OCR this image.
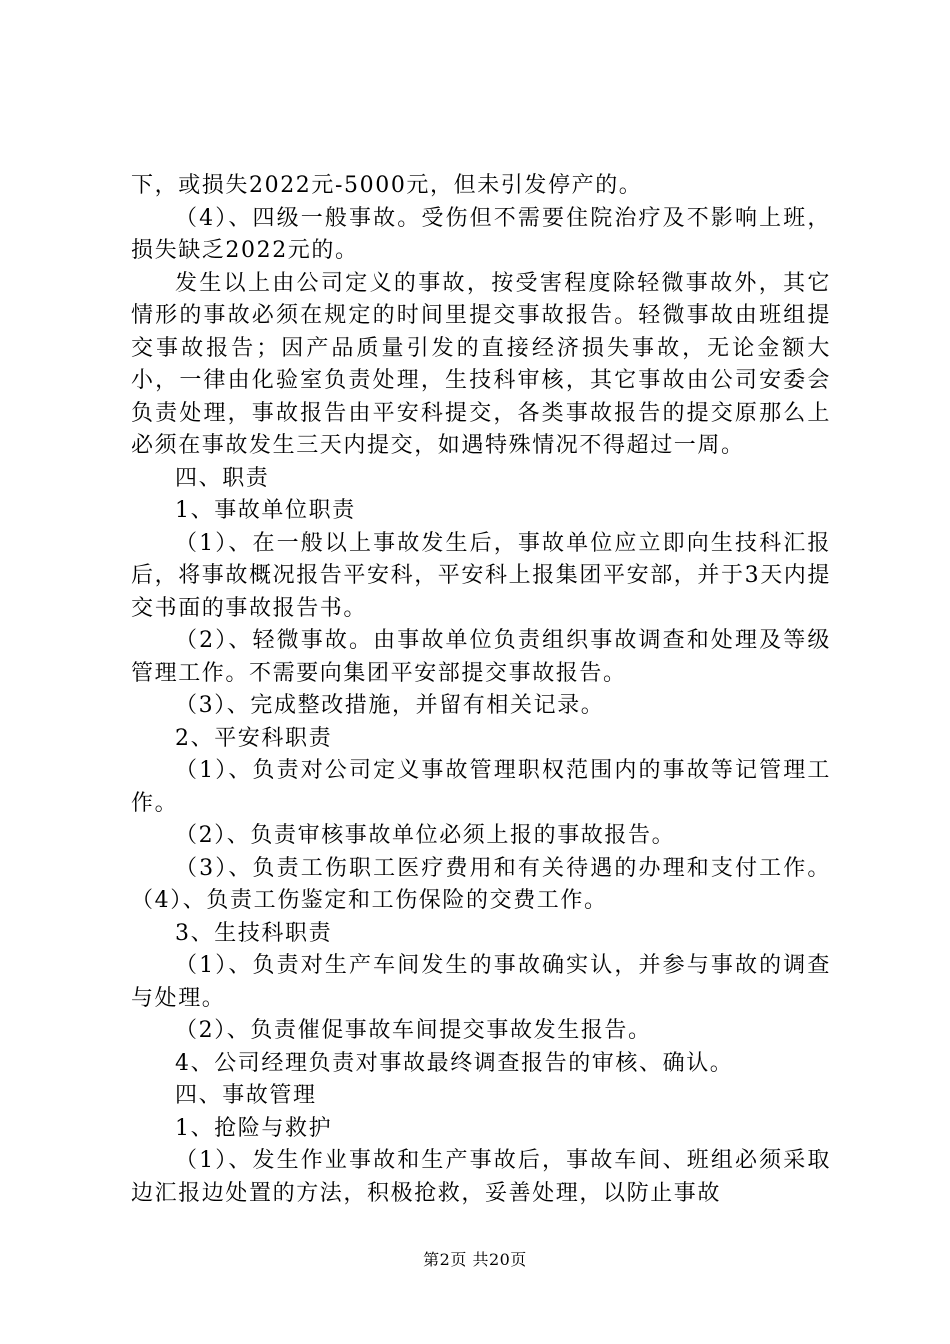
下，或损失2022元-5000元，但未引发停产的。

（4）、四级一般事故。受伤但不需要住院治疗及不影响上班，损失缺乏2022元的。

发生以上由公司定义的事故，按受害程度除轻微事故外，其它情形的事故必须在规定的时间里提交事故报告。轻微事故由班组提交事故报告；因产品质量引发的直接经济损失事故，无论金额大小，一律由化验室负责处理，生技科审核，其它事故由公司安委会负责处理，事故报告由平安科提交，各类事故报告的提交原那么上必须在事故发生三天内提交，如遇特殊情况不得超过一周。

四、职责

1、事故单位职责

（1）、在一般以上事故发生后，事故单位应立即向生技科汇报后，将事故概况报告平安科，平安科上报集团平安部，并于3天内提交书面的事故报告书。

（2）、轻微事故。由事故单位负责组织事故调查和处理及等级管理工作。不需要向集团平安部提交事故报告。

（3）、完成整改措施，并留有相关记录。

2、平安科职责

（1）、负责对公司定义事故管理职权范围内的事故等记管理工作。

（2）、负责审核事故单位必须上报的事故报告。

（3）、负责工伤职工医疗费用和有关待遇的办理和支付工作。（4）、负责工伤鉴定和工伤保险的交费工作。

3、生技科职责

（1）、负责对生产车间发生的事故确实认，并参与事故的调查与处理。

（2）、负责催促事故车间提交事故发生报告。

4、公司经理负责对事故最终调查报告的审核、确认。

四、事故管理

1、抢险与救护

（1）、发生作业事故和生产事故后，事故车间、班组必须采取边汇报边处置的方法，积极抢救，妥善处理，以防止事故

第2页 共20页
